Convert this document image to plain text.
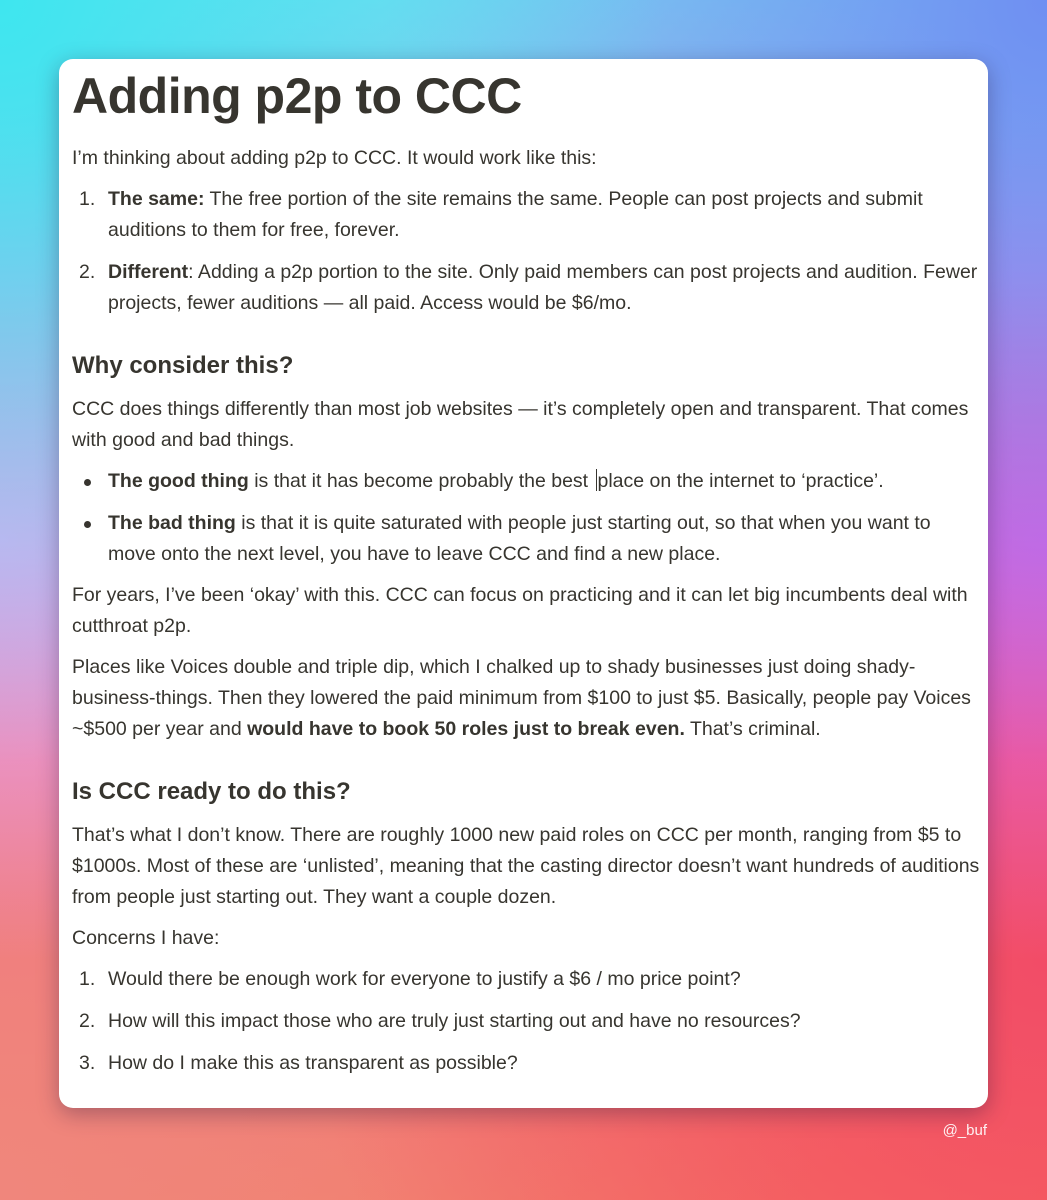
Adding p2p to CCC

I’m thinking about adding p2p to CCC. It would work like this:

1. The same: The free portion of the site remains the same. People can post projects and submit auditions to them for free, forever.
2. Different: Adding a p2p portion to the site. Only paid members can post projects and audition. Fewer projects, fewer auditions — all paid. Access would be $6/mo.
Why consider this?

CCC does things differently than most job websites — it’s completely open and transparent. That comes with good and bad things.

The good thing is that it has become probably the best place on the internet to ‘practice’.
The bad thing is that it is quite saturated with people just starting out, so that when you want to move onto the next level, you have to leave CCC and find a new place.

For years, I’ve been ‘okay’ with this. CCC can focus on practicing and it can let big incumbents deal with cutthroat p2p.

Places like Voices double and triple dip, which I chalked up to shady businesses just doing shady-business-things. Then they lowered the paid minimum from $100 to just $5. Basically, people pay Voices ~$500 per year and would have to book 50 roles just to break even. That’s criminal.

Is CCC ready to do this?

That’s what I don’t know. There are roughly 1000 new paid roles on CCC per month, ranging from $5 to $1000s. Most of these are ‘unlisted’, meaning that the casting director doesn’t want hundreds of auditions from people just starting out. They want a couple dozen.

Concerns I have:

1. Would there be enough work for everyone to justify a $6 / mo price point?
2. How will this impact those who are truly just starting out and have no resources?
3. How do I make this as transparent as possible?
@_buf
